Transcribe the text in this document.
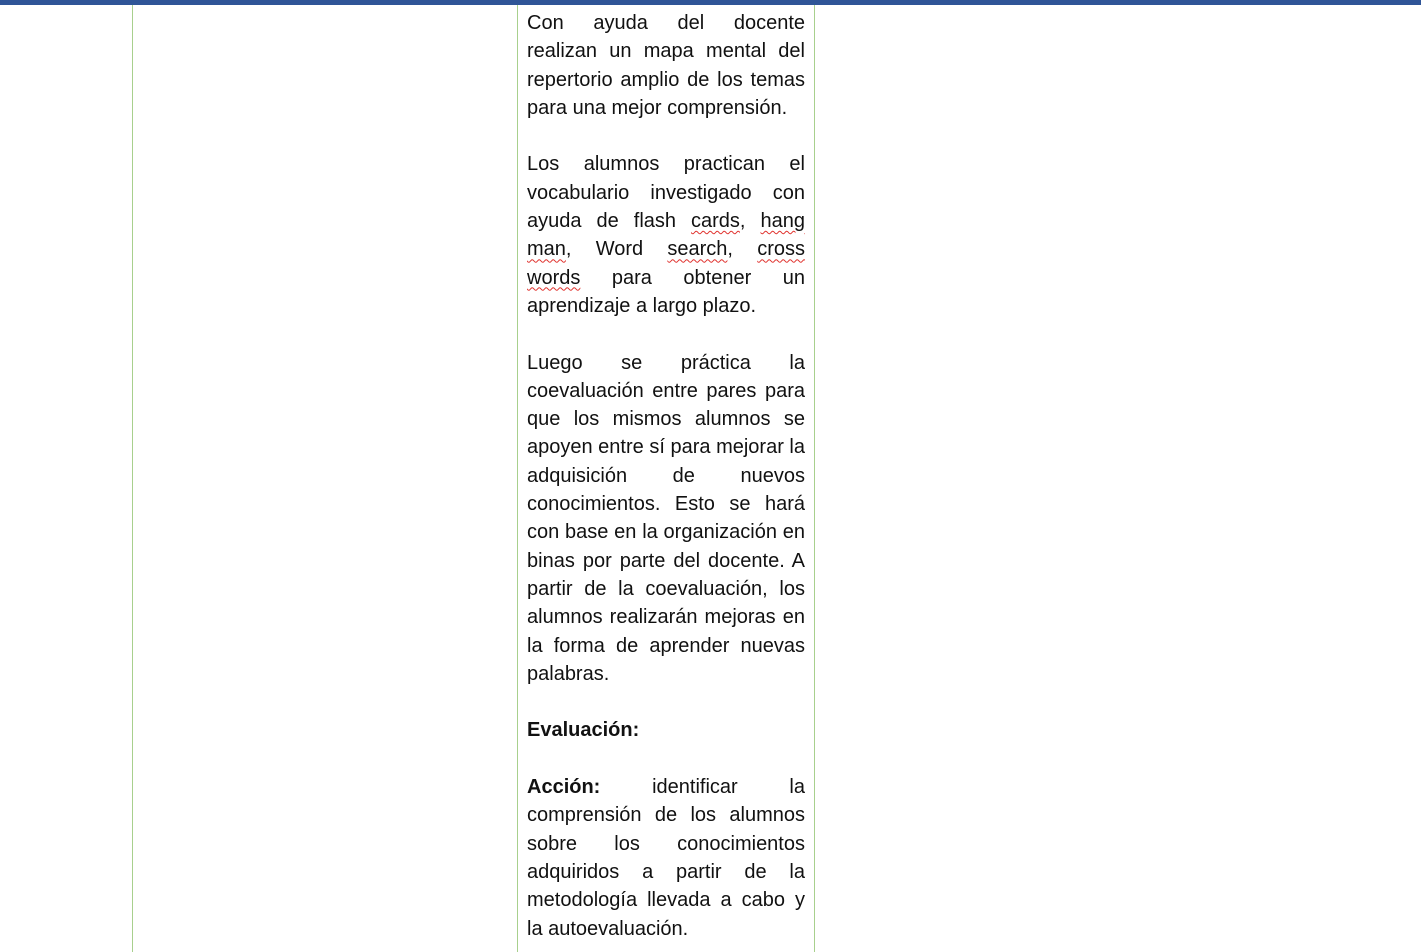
Con ayuda del docente realizan un mapa mental del repertorio amplio de los temas para una mejor comprensión.

Los alumnos practican el vocabulario investigado con ayuda de flash cards, hang man, Word search, cross words para obtener un aprendizaje a largo plazo.

Luego se práctica la coevaluación entre pares para que los mismos alumnos se apoyen entre sí para mejorar la adquisición de nuevos conocimientos. Esto se hará con base en la organización en binas por parte del docente. A partir de la coevaluación, los alumnos realizarán mejoras en la forma de aprender nuevas palabras.

Evaluación:

Acción: identificar la comprensión de los alumnos sobre los conocimientos adquiridos a partir de la metodología llevada a cabo y la autoevaluación.
